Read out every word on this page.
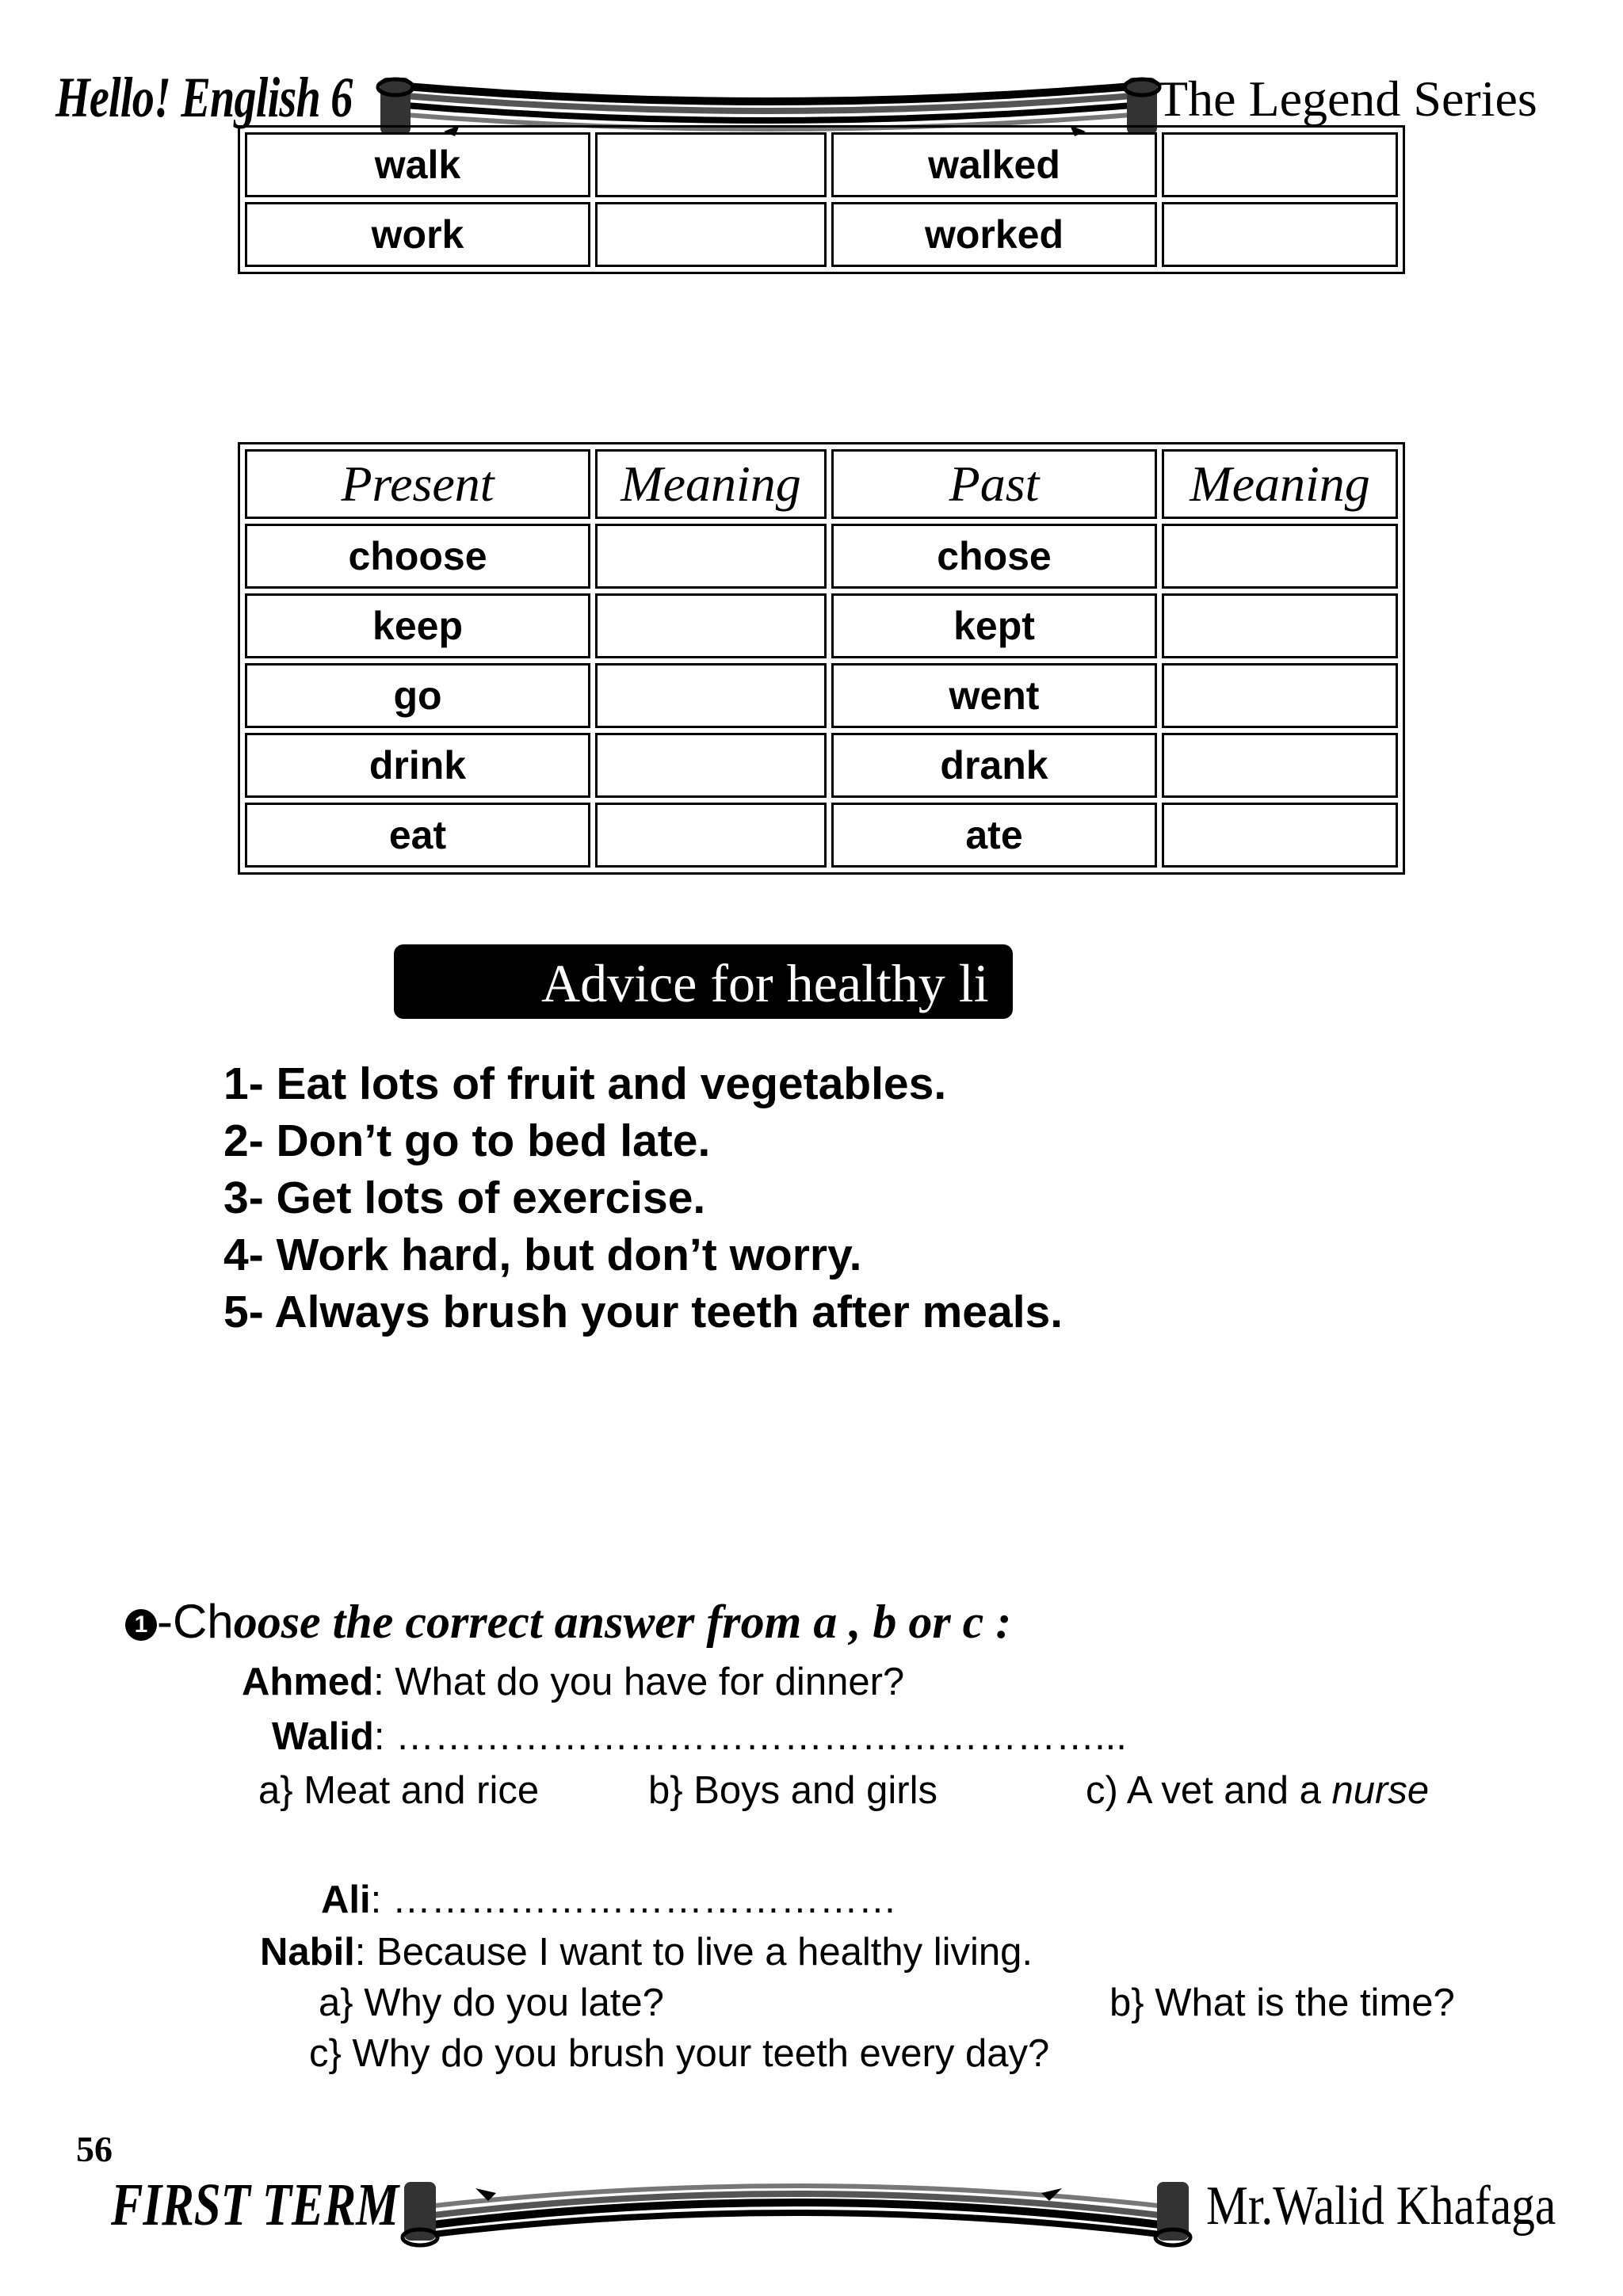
Hello! English 6	The Legend Series
walk		walked	
work		worked	
Present	Meaning	Past	Meaning
choose		chose	
keep		kept	
go		went	
drink		drank	
eat		ate	
Advice for healthy li
1- Eat lots of fruit and vegetables.
2- Don’t go to bed late.
3- Get lots of exercise.
4- Work hard, but don’t worry.
5- Always brush your teeth after meals.
1 -Choose the correct answer from a , b or c :
Ahmed: What do you have for dinner?
Walid: ………………………………………………...
a} Meat and rice	b} Boys and girls	c) A vet and a nurse
Ali: …………………………………
Nabil: Because I want to live a healthy living.
a} Why do you late?	b} What is the time?
c} Why do you brush your teeth every day?
56
FIRST TERM	Mr.Walid Khafaga
